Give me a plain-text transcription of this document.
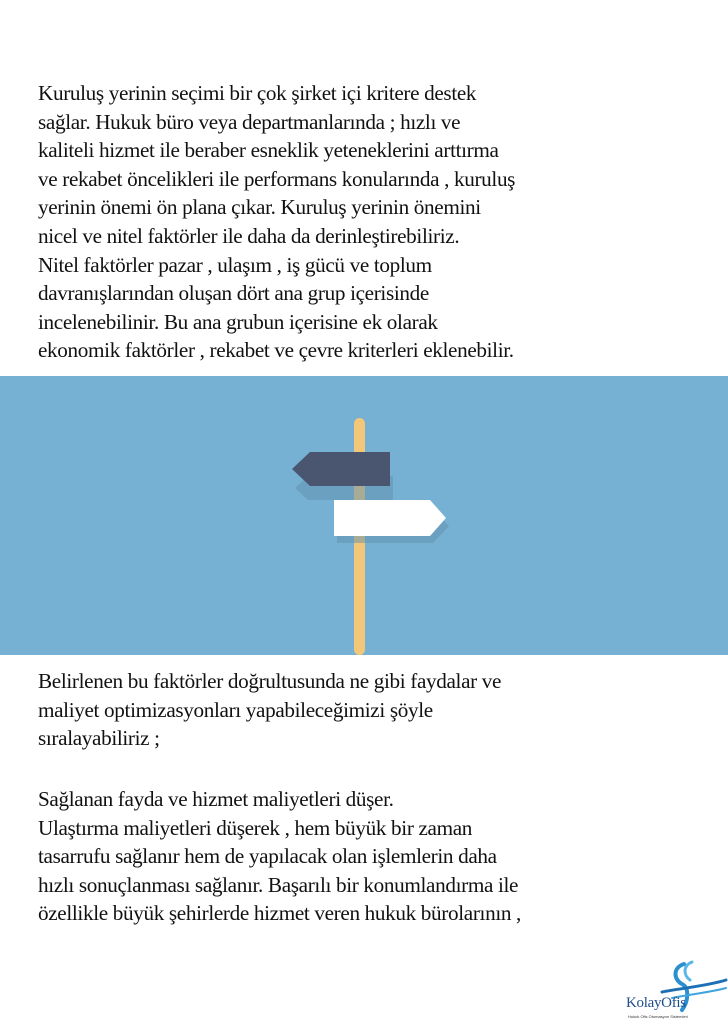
Kuruluş yerinin seçimi bir çok şirket içi kritere destek
sağlar. Hukuk büro veya departmanlarında ; hızlı ve
kaliteli hizmet ile beraber esneklik yeteneklerini arttırma
ve rekabet öncelikleri ile performans konularında , kuruluş
yerinin önemi ön plana çıkar. Kuruluş yerinin önemini
nicel ve nitel faktörler ile daha da derinleştirebiliriz.
Nitel faktörler pazar , ulaşım , iş gücü ve toplum
davranışlarından oluşan dört ana grup içerisinde
incelenebilinir. Bu ana grubun içerisine ek olarak
ekonomik faktörler , rekabet ve çevre kriterleri eklenebilir.
Belirlenen bu faktörler doğrultusunda ne gibi faydalar ve
maliyet optimizasyonları yapabileceğimizi şöyle
sıralayabiliriz ;
Sağlanan fayda ve hizmet maliyetleri düşer.
Ulaştırma maliyetleri düşerek , hem büyük bir zaman
tasarrufu sağlanır hem de yapılacak olan işlemlerin daha
hızlı sonuçlanması sağlanır. Başarılı bir konumlandırma ile
özellikle büyük şehirlerde hizmet veren hukuk bürolarının ,
KolayOfis
Hukuk Ofis Otomasyon Sistemleri
